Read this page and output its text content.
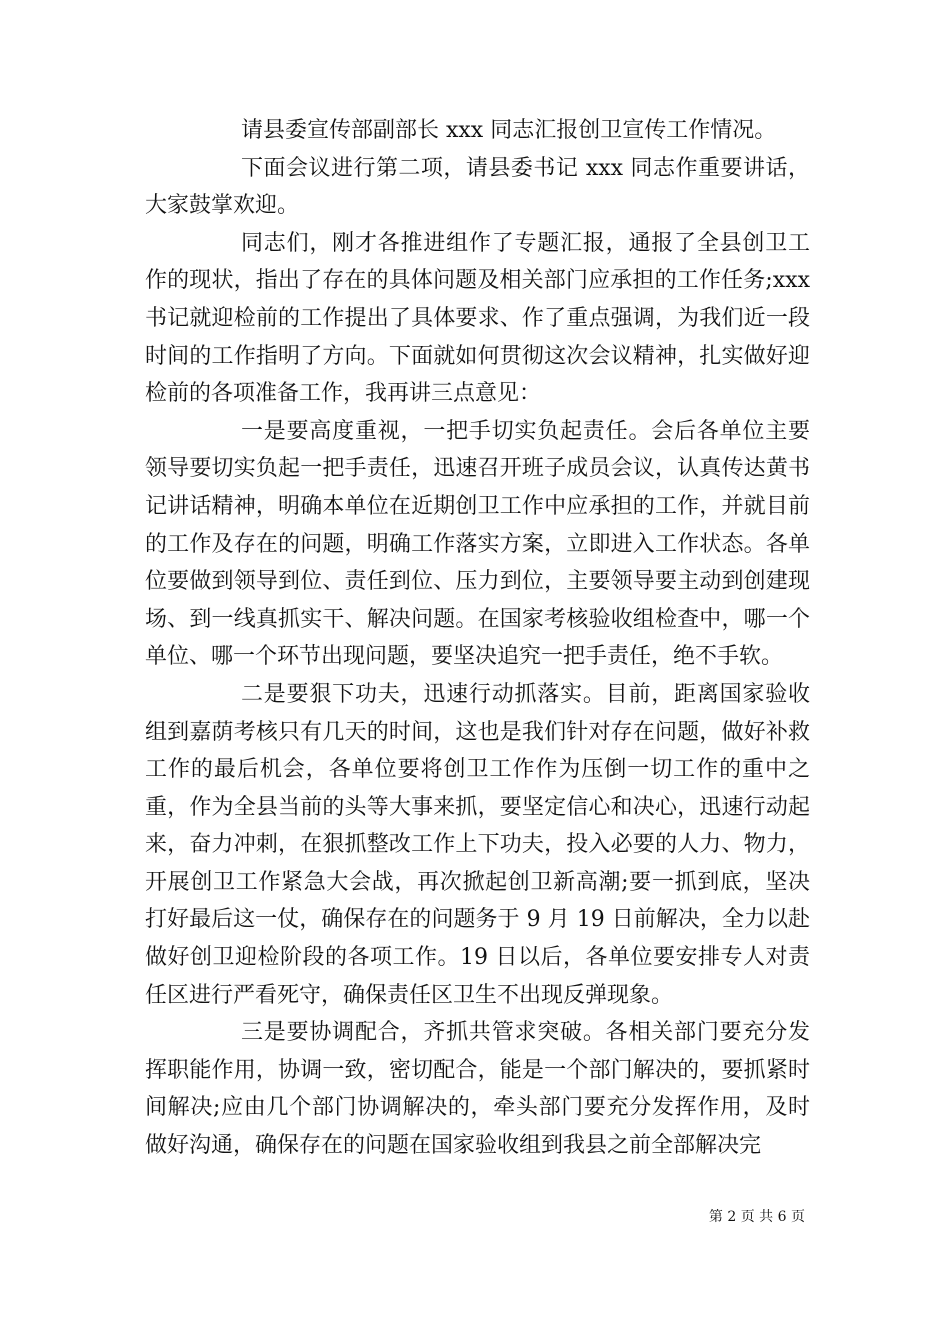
请县委宣传部副部长 xxx 同志汇报创卫宣传工作情况。

下面会议进行第二项，请县委书记 xxx 同志作重要讲话，大家鼓掌欢迎。

同志们，刚才各推进组作了专题汇报，通报了全县创卫工作的现状，指出了存在的具体问题及相关部门应承担的工作任务;xxx 书记就迎检前的工作提出了具体要求、作了重点强调，为我们近一段时间的工作指明了方向。下面就如何贯彻这次会议精神，扎实做好迎检前的各项准备工作，我再讲三点意见：

一是要高度重视，一把手切实负起责任。会后各单位主要领导要切实负起一把手责任，迅速召开班子成员会议，认真传达黄书记讲话精神，明确本单位在近期创卫工作中应承担的工作，并就目前的工作及存在的问题，明确工作落实方案，立即进入工作状态。各单位要做到领导到位、责任到位、压力到位，主要领导要主动到创建现场、到一线真抓实干、解决问题。在国家考核验收组检查中，哪一个单位、哪一个环节出现问题，要坚决追究一把手责任，绝不手软。

二是要狠下功夫，迅速行动抓落实。目前，距离国家验收组到嘉荫考核只有几天的时间，这也是我们针对存在问题，做好补救工作的最后机会，各单位要将创卫工作作为压倒一切工作的重中之重，作为全县当前的头等大事来抓，要坚定信心和决心，迅速行动起来，奋力冲刺，在狠抓整改工作上下功夫，投入必要的人力、物力，开展创卫工作紧急大会战，再次掀起创卫新高潮;要一抓到底，坚决打好最后这一仗，确保存在的问题务于 9 月 19 日前解决，全力以赴做好创卫迎检阶段的各项工作。19 日以后，各单位要安排专人对责任区进行严看死守，确保责任区卫生不出现反弹现象。

三是要协调配合，齐抓共管求突破。各相关部门要充分发挥职能作用，协调一致，密切配合，能是一个部门解决的，要抓紧时间解决;应由几个部门协调解决的，牵头部门要充分发挥作用，及时做好沟通，确保存在的问题在国家验收组到我县之前全部解决完

第 2 页 共 6 页
